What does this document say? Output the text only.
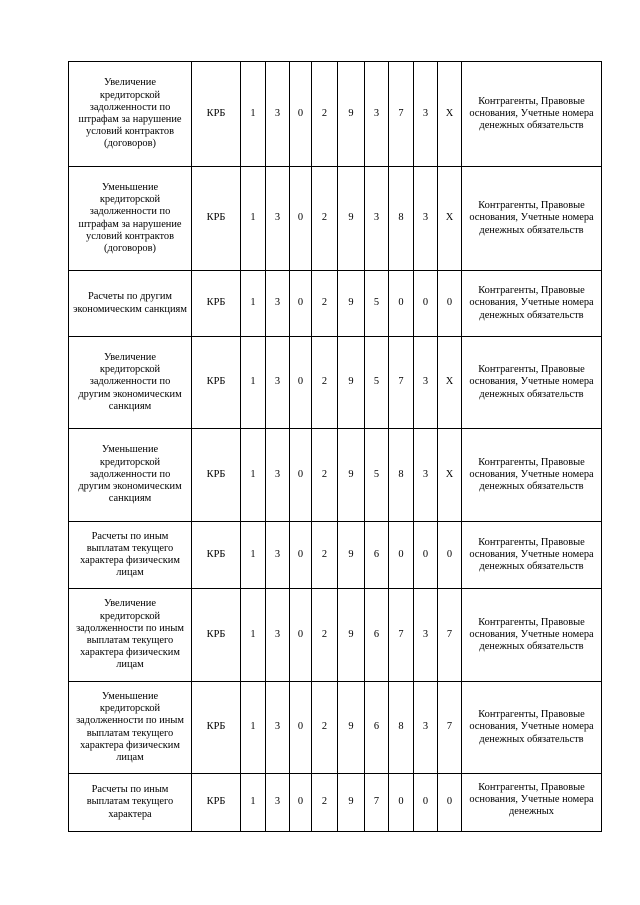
Увеличение кредиторской задолженности по штрафам за нарушение условий контрактов (договоров)	КРБ	1	3	0	2	9	3	7	3	X	Контрагенты, Правовые основания, Учетные номера денежных обязательств
Уменьшение кредиторской задолженности по штрафам за нарушение условий контрактов (договоров)	КРБ	1	3	0	2	9	3	8	3	X	Контрагенты, Правовые основания, Учетные номера денежных обязательств
Расчеты по другим экономическим санкциям	КРБ	1	3	0	2	9	5	0	0	0	Контрагенты, Правовые основания, Учетные номера денежных обязательств
Увеличение кредиторской задолженности по другим экономическим санкциям	КРБ	1	3	0	2	9	5	7	3	X	Контрагенты, Правовые основания, Учетные номера денежных обязательств
Уменьшение кредиторской задолженности по другим экономическим санкциям	КРБ	1	3	0	2	9	5	8	3	X	Контрагенты, Правовые основания, Учетные номера денежных обязательств
Расчеты по иным выплатам текущего характера физическим лицам	КРБ	1	3	0	2	9	6	0	0	0	Контрагенты, Правовые основания, Учетные номера денежных обязательств
Увеличение кредиторской задолженности по иным выплатам текущего характера физическим лицам	КРБ	1	3	0	2	9	6	7	3	7	Контрагенты, Правовые основания, Учетные номера денежных обязательств
Уменьшение кредиторской задолженности по иным выплатам текущего характера физическим лицам	КРБ	1	3	0	2	9	6	8	3	7	Контрагенты, Правовые основания, Учетные номера денежных обязательств
Расчеты по иным выплатам текущего характера	КРБ	1	3	0	2	9	7	0	0	0	Контрагенты, Правовые основания, Учетные номера денежных
